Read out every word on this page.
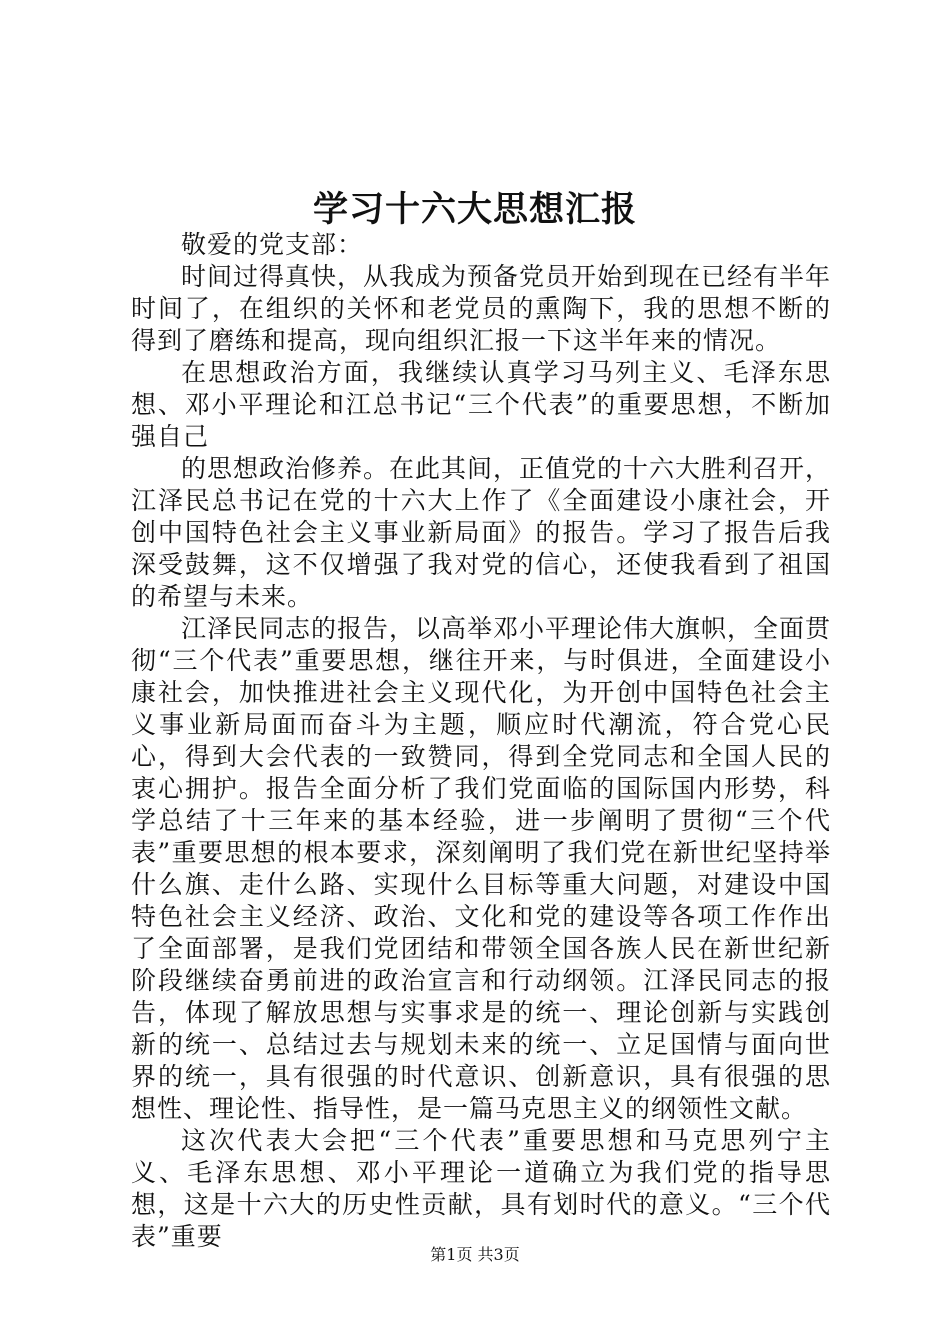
学习十六大思想汇报

敬爱的党支部：

时间过得真快，从我成为预备党员开始到现在已经有半年时间了，在组织的关怀和老党员的熏陶下，我的思想不断的得到了磨练和提高，现向组织汇报一下这半年来的情况。

在思想政治方面，我继续认真学习马列主义、毛泽东思想、邓小平理论和江总书记“三个代表”的重要思想，不断加强自己

的思想政治修养。在此其间，正值党的十六大胜利召开，江泽民总书记在党的十六大上作了《全面建设小康社会，开创中国特色社会主义事业新局面》的报告。学习了报告后我深受鼓舞，这不仅增强了我对党的信心，还使我看到了祖国的希望与未来。

江泽民同志的报告，以高举邓小平理论伟大旗帜，全面贯彻“三个代表”重要思想，继往开来，与时俱进，全面建设小康社会，加快推进社会主义现代化，为开创中国特色社会主义事业新局面而奋斗为主题，顺应时代潮流，符合党心民心，得到大会代表的一致赞同，得到全党同志和全国人民的衷心拥护。报告全面分析了我们党面临的国际国内形势，科学总结了十三年来的基本经验，进一步阐明了贯彻“三个代表”重要思想的根本要求，深刻阐明了我们党在新世纪坚持举什么旗、走什么路、实现什么目标等重大问题，对建设中国特色社会主义经济、政治、文化和党的建设等各项工作作出了全面部署，是我们党团结和带领全国各族人民在新世纪新阶段继续奋勇前进的政治宣言和行动纲领。江泽民同志的报告，体现了解放思想与实事求是的统一、理论创新与实践创新的统一、总结过去与规划未来的统一、立足国情与面向世界的统一，具有很强的时代意识、创新意识，具有很强的思想性、理论性、指导性，是一篇马克思主义的纲领性文献。

这次代表大会把“三个代表”重要思想和马克思列宁主义、毛泽东思想、邓小平理论一道确立为我们党的指导思想，这是十六大的历史性贡献，具有划时代的意义。“三个代表”重要

第1页 共3页
